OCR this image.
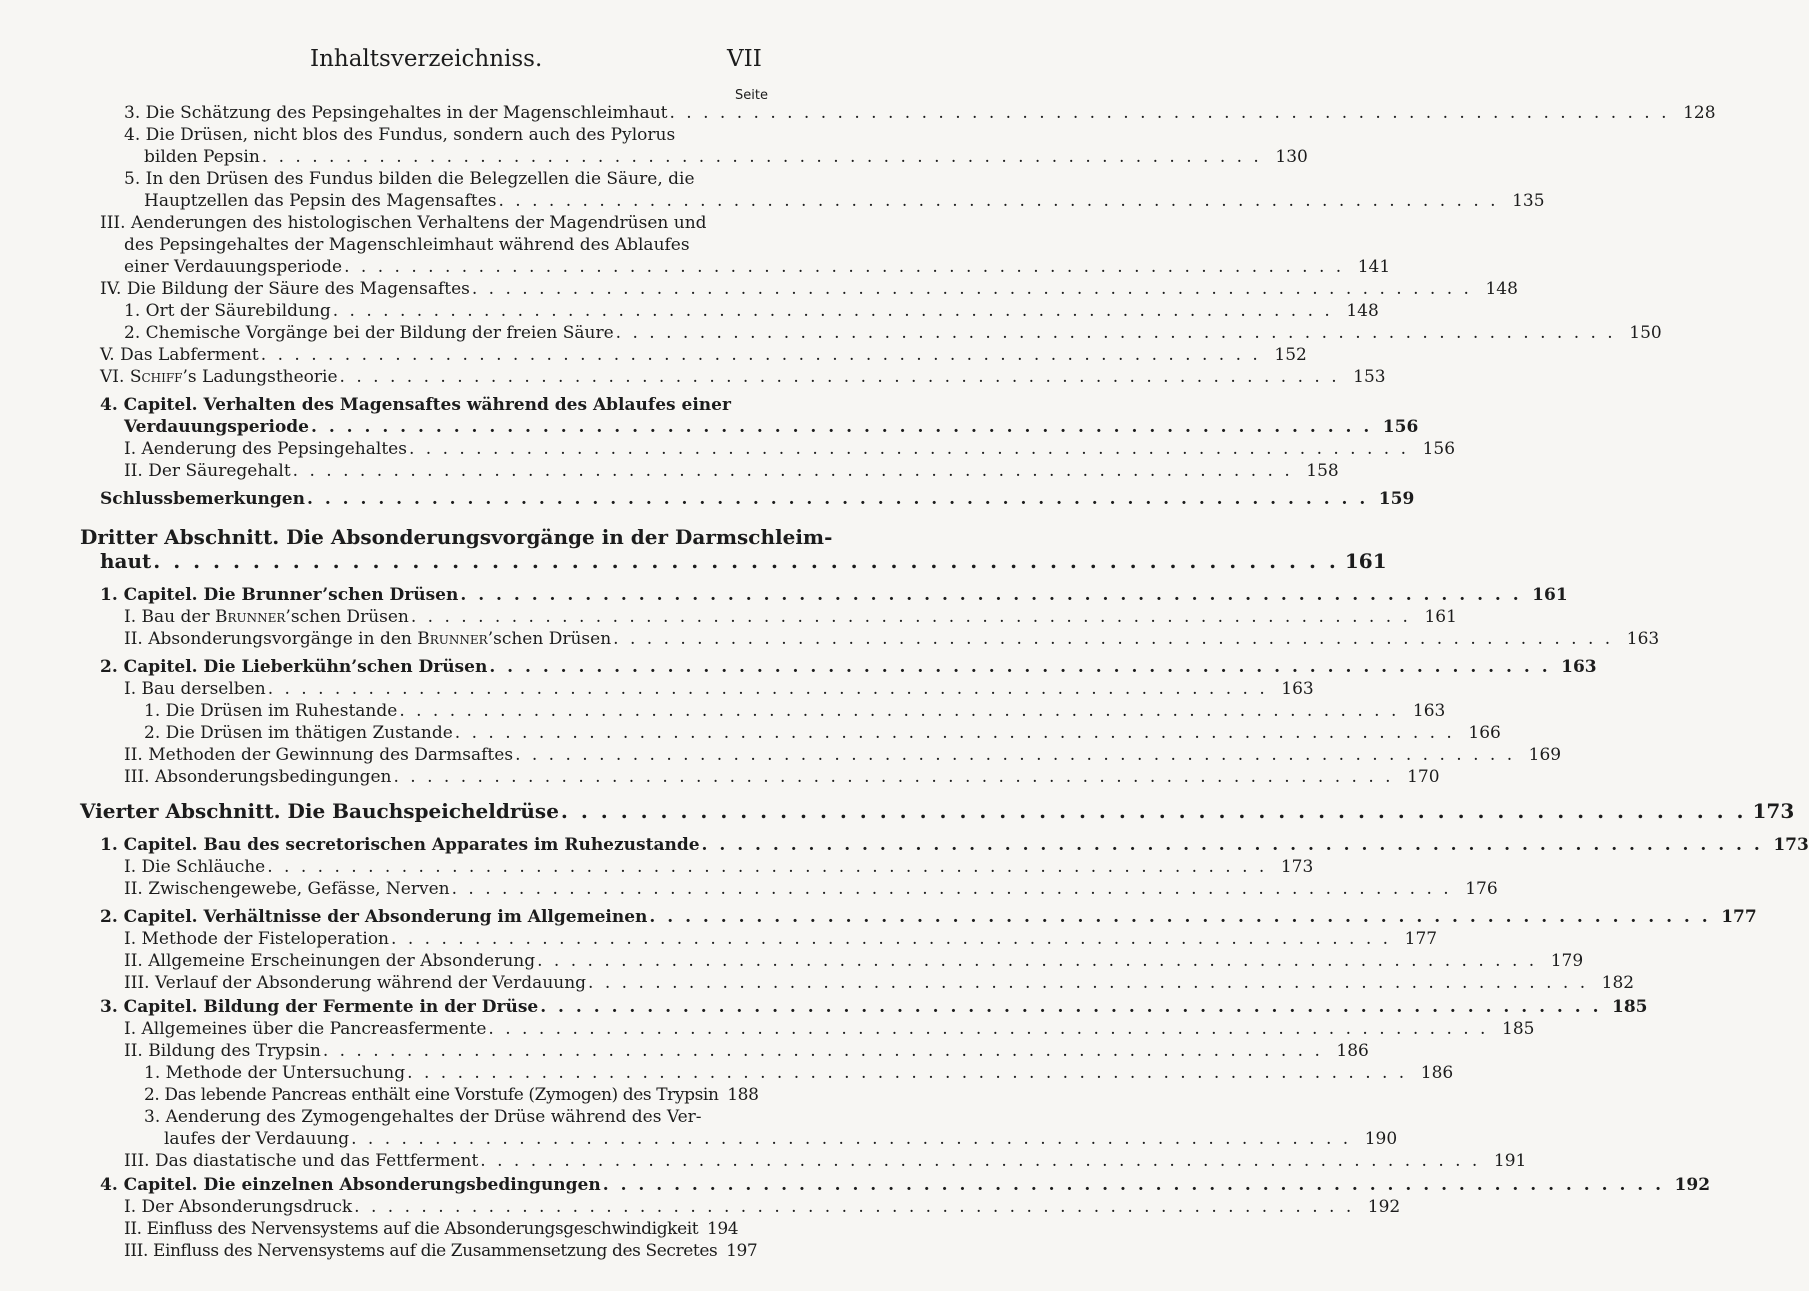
Inhaltsverzeichniss.	VII
Seite
3. Die Schätzung des Pepsingehaltes in der Magenschleimhaut . . .	128
4. Die Drüsen, nicht blos des Fundus, sondern auch des Pylorus
bilden Pepsin . . .	130
5. In den Drüsen des Fundus bilden die Belegzellen die Säure, die
Hauptzellen das Pepsin des Magensaftes . . .	135
III. Aenderungen des histologischen Verhaltens der Magendrüsen und
des Pepsingehaltes der Magenschleimhaut während des Ablaufes
einer Verdauungsperiode . . .	141
IV. Die Bildung der Säure des Magensaftes . . .	148
1. Ort der Säurebildung . . .	148
2. Chemische Vorgänge bei der Bildung der freien Säure . . .	150
V. Das Labferment . . .	152
VI. Schiff’s Ladungstheorie . . .	153
4. Capitel. Verhalten des Magensaftes während des Ablaufes einer
Verdauungsperiode . . .	156
I. Aenderung des Pepsingehaltes . . .	156
II. Der Säuregehalt . . .	158
Schlussbemerkungen . . .	159
Dritter Abschnitt. Die Absonderungsvorgänge in der Darmschleim-
haut . . .	161
1. Capitel. Die Brunner’schen Drüsen . . .	161
I. Bau der Brunner’schen Drüsen . . .	161
II. Absonderungsvorgänge in den Brunner’schen Drüsen . . .	163
2. Capitel. Die Lieberkühn’schen Drüsen . . .	163
I. Bau derselben . . .	163
1. Die Drüsen im Ruhestande . . .	163
2. Die Drüsen im thätigen Zustande . . .	166
II. Methoden der Gewinnung des Darmsaftes . . .	169
III. Absonderungsbedingungen . . .	170
Vierter Abschnitt. Die Bauchspeicheldrüse . . .	173
1. Capitel. Bau des secretorischen Apparates im Ruhezustande . . .	173
I. Die Schläuche . . .	173
II. Zwischengewebe, Gefässe, Nerven . . .	176
2. Capitel. Verhältnisse der Absonderung im Allgemeinen . . .	177
I. Methode der Fisteloperation . . .	177
II. Allgemeine Erscheinungen der Absonderung . . .	179
III. Verlauf der Absonderung während der Verdauung . . .	182
3. Capitel. Bildung der Fermente in der Drüse . . .	185
I. Allgemeines über die Pancreasfermente . . .	185
II. Bildung des Trypsin . . .	186
1. Methode der Untersuchung . . .	186
2. Das lebende Pancreas enthält eine Vorstufe (Zymogen) des Trypsin 188
3. Aenderung des Zymogengehaltes der Drüse während des Ver-
laufes der Verdauung . . .	190
III. Das diastatische und das Fettferment . . .	191
4. Capitel. Die einzelnen Absonderungsbedingungen . . .	192
I. Der Absonderungsdruck . . .	192
II. Einfluss des Nervensystems auf die Absonderungsgeschwindigkeit 194
III. Einfluss des Nervensystems auf die Zusammensetzung des Secretes 197
